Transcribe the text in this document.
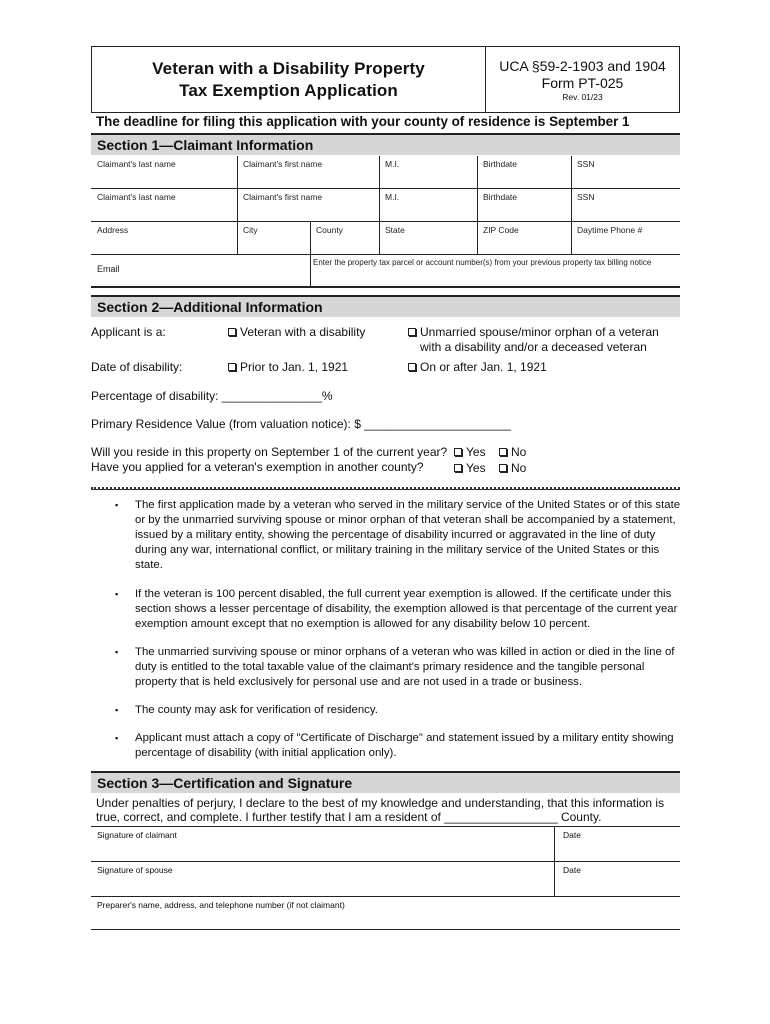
Veteran with a Disability Property
Tax Exemption Application
UCA §59-2-1903 and 1904
Form PT-025
Rev. 01/23
The deadline for filing this application with your county of residence is September 1
Section 1—Claimant Information
Claimant's last name	Claimant's first name	M.I.	Birthdate	SSN
Claimant's last name	Claimant's first name	M.I.	Birthdate	SSN
Address	City	County	State	ZIP Code	Daytime Phone #
Email
Enter the property tax parcel or account number(s) from your previous property tax billing notice
Section 2—Additional Information
Applicant is a:	Veteran with a disability	Unmarried spouse/minor orphan of a veteran
with a disability and/or a deceased veteran
Date of disability:	Prior to Jan. 1, 1921	On or after Jan. 1, 1921
Percentage of disability: _______________%
Primary Residence Value (from valuation notice): $ ______________________
Will you reside in this property on September 1 of the current year?	Yes	No
Have you applied for a veteran's exemption in another county?	Yes	No
▪ The first application made by a veteran who served in the military service of the United States or of this state or by the unmarried surviving spouse or minor orphan of that veteran shall be accompanied by a statement, issued by a military entity, showing the percentage of disability incurred or aggravated in the line of duty during any war, international conflict, or military training in the military service of the United States or this state.
▪ If the veteran is 100 percent disabled, the full current year exemption is allowed. If the certificate under this section shows a lesser percentage of disability, the exemption allowed is that percentage of the current year exemption amount except that no exemption is allowed for any disability below 10 percent.
▪ The unmarried surviving spouse or minor orphans of a veteran who was killed in action or died in the line of duty is entitled to the total taxable value of the claimant's primary residence and the tangible personal property that is held exclusively for personal use and are not used in a trade or business.
▪ The county may ask for verification of residency.
▪ Applicant must attach a copy of "Certificate of Discharge" and statement issued by a military entity showing percentage of disability (with initial application only).
Section 3—Certification and Signature
Under penalties of perjury, I declare to the best of my knowledge and understanding, that this information is
true, correct, and complete. I further testify that I am a resident of _________________ County.
Signature of claimant	Date
Signature of spouse	Date
Preparer's name, address, and telephone number (if not claimant)
